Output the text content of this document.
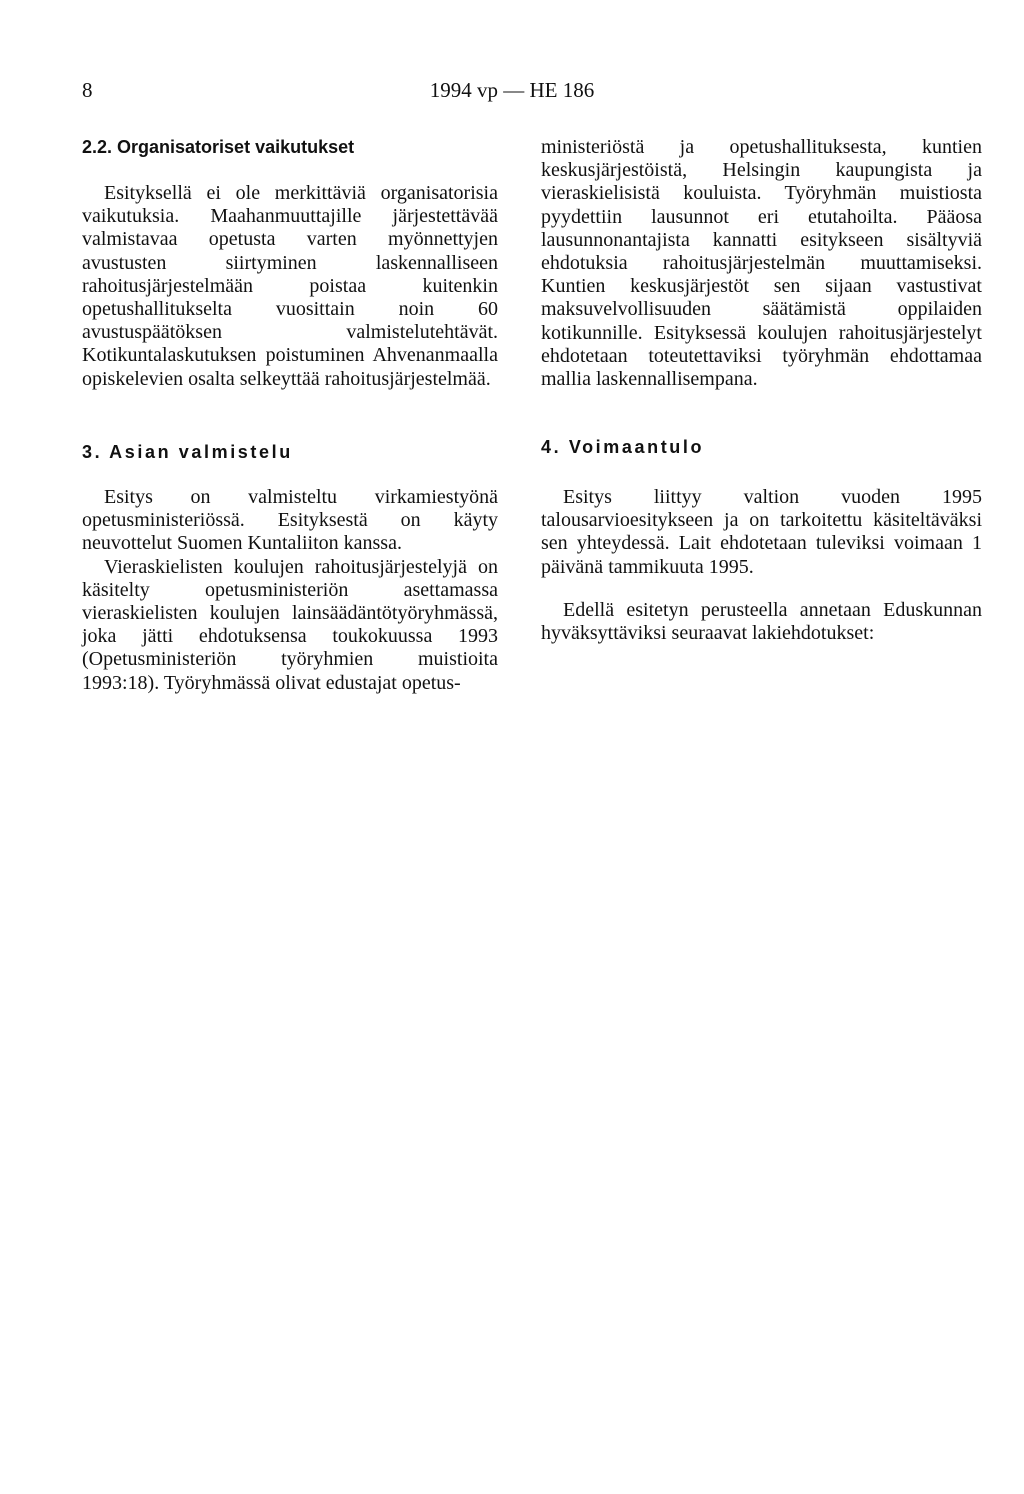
8	1994 vp — HE 186
2.2. Organisatoriset vaikutukset

Esityksellä ei ole merkittäviä organisatorisia vaikutuksia. Maahanmuuttajille järjestettävää valmistavaa opetusta varten myönnettyjen avustusten siirtyminen laskennalliseen rahoitusjärjestelmään poistaa kuitenkin opetushallitukselta vuosittain noin 60 avustuspäätöksen valmistelutehtävät. Kotikuntalaskutuksen poistuminen Ahvenanmaalla opiskelevien osalta selkeyttää rahoitusjärjestelmää.

3. Asian valmistelu

Esitys on valmisteltu virkamiestyönä opetusministeriössä. Esityksestä on käyty neuvottelut Suomen Kuntaliiton kanssa.

Vieraskielisten koulujen rahoitusjärjestelyjä on käsitelty opetusministeriön asettamassa vieraskielisten koulujen lainsäädäntötyöryhmässä, joka jätti ehdotuksensa toukokuussa 1993 (Opetusministeriön työryhmien muistioita 1993:18). Työryhmässä olivat edustajat opetus-

ministeriöstä ja opetushallituksesta, kuntien keskusjärjestöistä, Helsingin kaupungista ja vieraskielisistä kouluista. Työryhmän muistiosta pyydettiin lausunnot eri etutahoilta. Pääosa lausunnonantajista kannatti esitykseen sisältyviä ehdotuksia rahoitusjärjestelmän muuttamiseksi. Kuntien keskusjärjestöt sen sijaan vastustivat maksuvelvollisuuden säätämistä oppilaiden kotikunnille. Esityksessä koulujen rahoitusjärjestelyt ehdotetaan toteutettaviksi työryhmän ehdottamaa mallia laskennallisempana.

4. Voimaantulo

Esitys liittyy valtion vuoden 1995 talousarvioesitykseen ja on tarkoitettu käsiteltäväksi sen yhteydessä. Lait ehdotetaan tuleviksi voimaan 1 päivänä tammikuuta 1995.

Edellä esitetyn perusteella annetaan Eduskunnan hyväksyttäviksi seuraavat lakiehdotukset:
